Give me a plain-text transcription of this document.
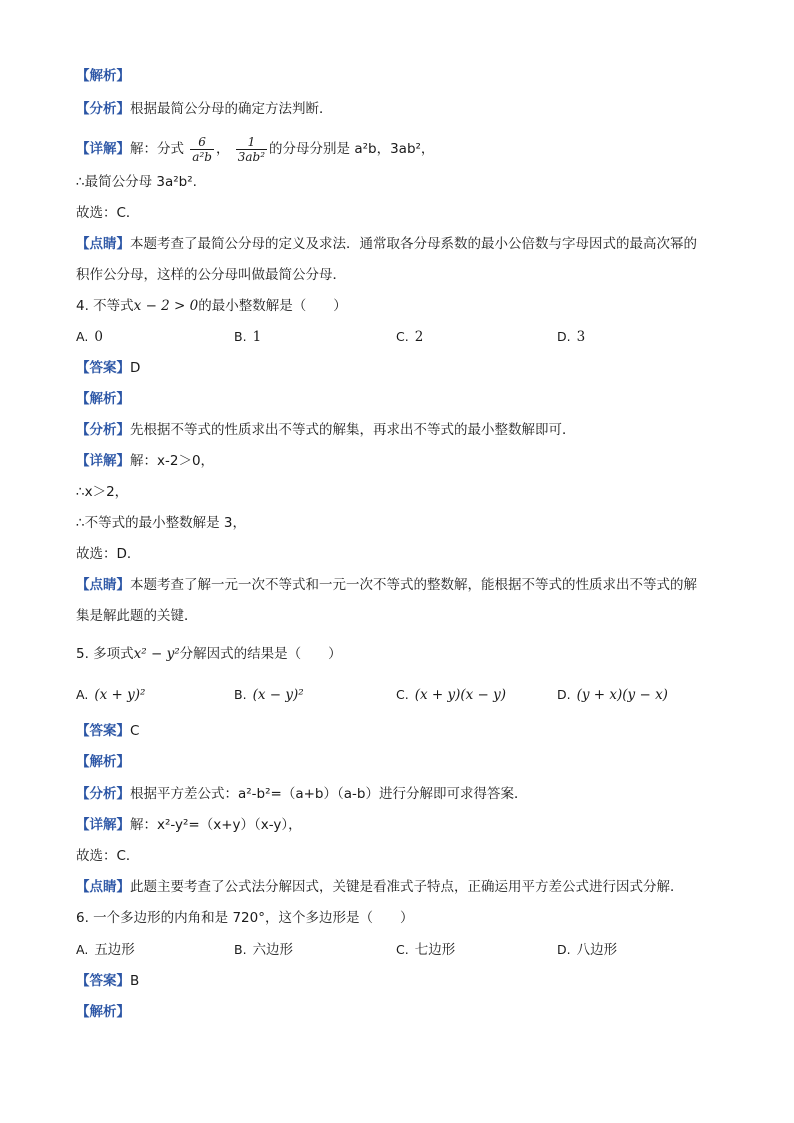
【解析】
【分析】根据最简公分母的确定方法判断．
【详解】解：分式 $\frac{6}{\text{a²b}}$ ， $\frac{1}{\text{3ab²}}$ 的分母分别是 a²b，3ab²，
∴最简公分母 3a²b².
故选：C．
【点睛】本题考查了最简公分母的定义及求法．通常取各分母系数的最小公倍数与字母因式的最高次幂的
积作公分母，这样的公分母叫做最简公分母．
4. 不等式x − 2 > 0的最小整数解是（　　）
A. 0	B. 1	C. 2	D. 3
【答案】D
【解析】
【分析】先根据不等式的性质求出不等式的解集，再求出不等式的最小整数解即可．
【详解】解：x-2＞0，
∴x＞2，
∴不等式的最小整数解是 3，
故选：D．
【点睛】本题考查了解一元一次不等式和一元一次不等式的整数解，能根据不等式的性质求出不等式的解
集是解此题的关键．
5. 多项式x² − y²分解因式的结果是（　　）
A. (x + y)²	B. (x − y)²	C. (x + y)(x − y)	D. (y + x)(y − x)
【答案】C
【解析】
【分析】根据平方差公式：a²-b²=（a+b）（a-b）进行分解即可求得答案．
【详解】解：x²-y²=（x+y）（x-y），
故选：C．
【点睛】此题主要考查了公式法分解因式，关键是看准式子特点，正确运用平方差公式进行因式分解．
6. 一个多边形的内角和是 720°，这个多边形是（　　）
A. 五边形	B. 六边形	C. 七边形	D. 八边形
【答案】B
【解析】
